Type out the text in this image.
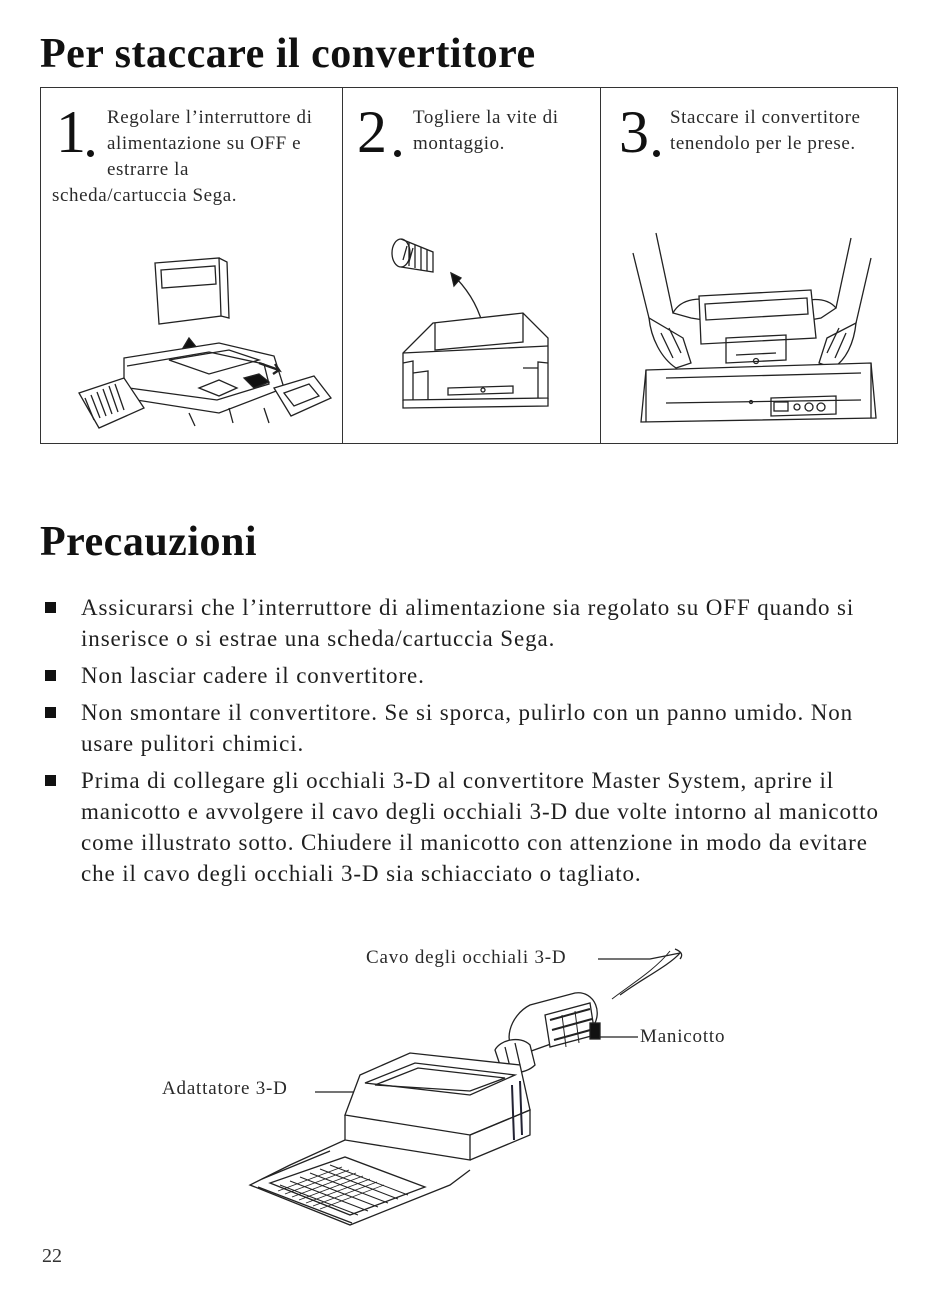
Per staccare il convertitore
1 Regolare l’interruttore di alimentazione su OFF e estrarre la
scheda/cartuccia Sega.
2 Togliere la vite di montaggio.	3 Staccare il convertitore
tenendolo per le prese.
Precauzioni
Assicurarsi che l’interruttore di alimentazione sia regolato su OFF quando si inserisce o si estrae una scheda/cartuccia Sega.
Non lasciar cadere il convertitore.
Non smontare il convertitore. Se si sporca, pulirlo con un panno umido. Non usare pulitori chimici.
Prima di collegare gli occhiali 3-D al convertitore Master System, aprire il manicotto e avvolgere il cavo degli occhiali 3-D due volte intorno al manicotto come illustrato sotto. Chiudere il manicotto con attenzione in modo da evitare che il cavo degli occhiali 3-D sia schiacciato o tagliato.
Cavo degli occhiali 3-D
Manicotto
Adattatore 3-D
22
